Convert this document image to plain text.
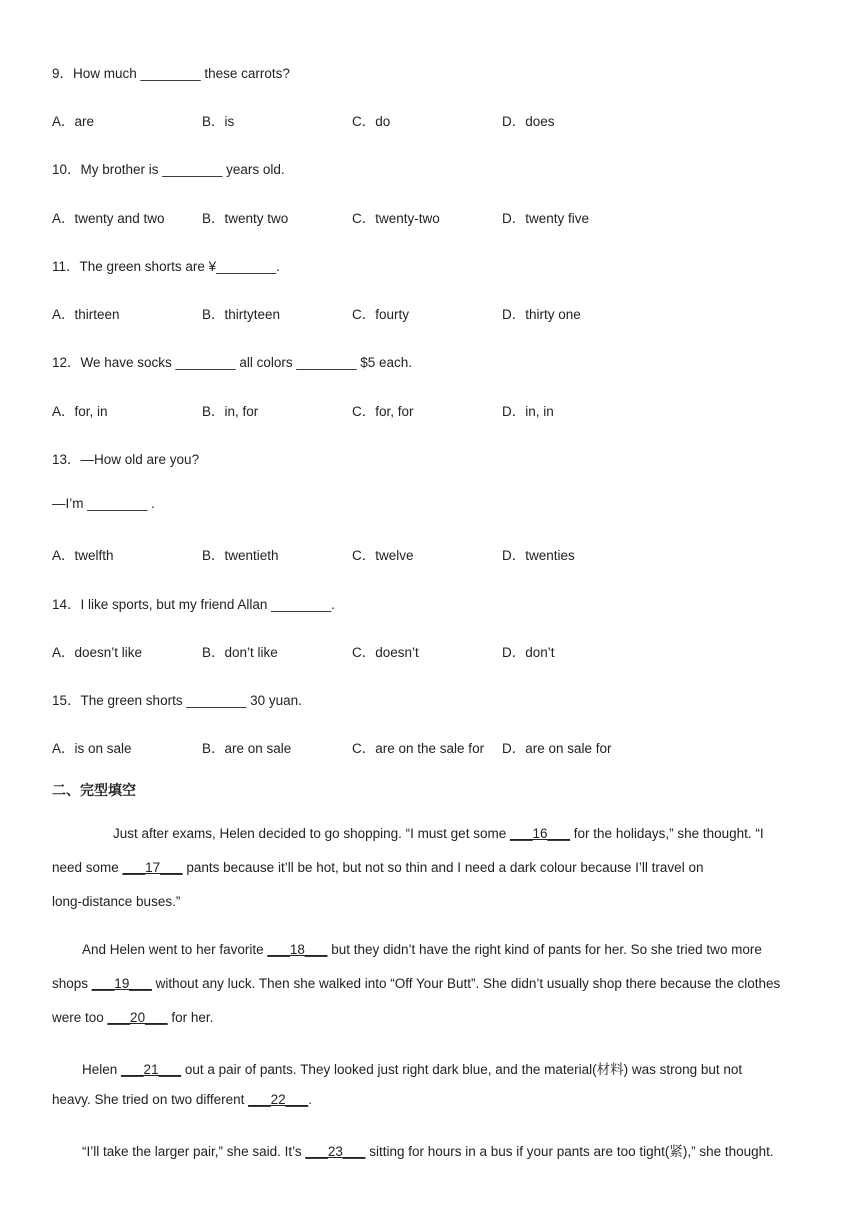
9．How much ________ these carrots?
A．are	B．is	C．do	D．does
10．My brother is ________ years old.
A．twenty and two	B．twenty two	C．twenty-two	D．twenty five
11．The green shorts are ¥________.
A．thirteen	B．thirtyteen	C．fourty	D．thirty one
12．We have socks ________ all colors ________ $5 each.
A．for, in	B．in, for	C．for, for	D．in, in
13．—How old are you?
—I’m ________ .
A．twelfth	B．twentieth	C．twelve	D．twenties
14．I like sports, but my friend Allan ________.
A．doesn’t like	B．don’t like	C．doesn’t	D．don’t
15．The green shorts ________ 30 yuan.
A．is on sale	B．are on sale	C．are on the sale for D．are on sale for
二、完型填空
Just after exams, Helen decided to go shopping. “I must get some ___16___ for the holidays,” she thought. “I
need some ___17___ pants because it’ll be hot, but not so thin and I need a dark colour because I’ll travel on
long-distance buses.”
And Helen went to her favorite ___18___ but they didn’t have the right kind of pants for her. So she tried two more
shops ___19___ without any luck. Then she walked into “Off Your Butt”. She didn’t usually shop there because the clothes
were too ___20___ for her.
Helen ___21___ out a pair of pants. They looked just right dark blue, and the material(材料) was strong but not
heavy. She tried on two different ___22___.
“I’ll take the larger pair,” she said. It’s ___23___ sitting for hours in a bus if your pants are too tight(紧),” she thought.
